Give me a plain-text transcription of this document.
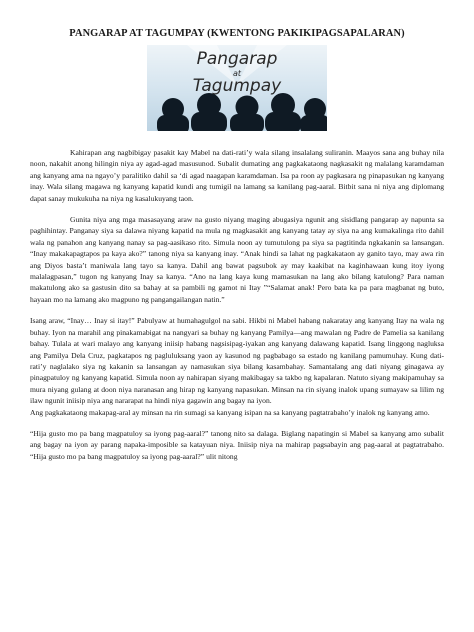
PANGARAP AT TAGUMPAY (KWENTONG PAKIKIPAGSAPALARAN)
Pangarap
at
Tagumpay

Kahirapan ang nagbibigay pasakit kay Mabel na dati-rati’y wala silang insalalang suliranin. Maayos sana ang buhay nila noon, nakahit anong hilingin niya ay agad-agad masusunod. Subalit dumating ang pagkakataong nagkasakit ng malalang karamdaman ang kanyang ama na ngayo’y paralitiko dahil sa ‘di agad naagapan karamdaman. Isa pa roon ay pagkasara ng pinapasukan ng kanyang inay. Wala silang magawa ng kanyang kapatid kundi ang tumigil na lamang sa kanilang pag-aaral. Bitbit sana ni niya ang diplomang dapat sanay mukukuha na niya ng kasalukuyang taon.

Gunita niya ang mga masasayang araw na gusto niyang maging abugasiya ngunit ang sisidlang pangarap ay napunta sa paghihintay. Panganay siya sa dalawa niyang kapatid na mula ng magkasakit ang kanyang tatay ay siya na ang kumakalinga rito dahil wala ng panahon ang kanyang nanay sa pag-aasikaso rito. Simula noon ay tumutulong pa siya sa pagtitinda ngkakanin sa lansangan. “Inay makakapagtapos pa kaya ako?” tanong niya sa kanyang inay. “Anak hindi sa lahat ng pagkakataon ay ganito tayo, may awa rin ang Diyos basta’t maniwala lang tayo sa kanya. Dahil ang bawat pagsubok ay may kaakibat na kaginhawaan kung itoy iyong malalagpasan,” tugon ng kanyang Inay sa kanya. “Ano na lang kaya kung mamasukan na lang ako bilang katulong? Para naman makatulong ako sa gastusin dito sa bahay at sa pambili ng gamot ni Itay ”“Salamat anak! Pero bata ka pa para magbanat ng buto, hayaan mo na lamang ako magpuno ng pangangailangan natin.”

Isang araw, “Inay… Inay si itay!” Pabulyaw at humahagulgol na sabi. Hikbi ni Mabel habang nakaratay ang kanyang Itay na wala ng buhay. Iyon na marahil ang pinakamabigat na nangyari sa buhay ng kanyang Pamilya—ang mawalan ng Padre de Pamelia sa kanilang bahay. Tulala at wari malayo ang kanyang iniisip habang nagsisipag-iyakan ang kanyang dalawang kapatid. Isang linggong nagluksa ang Pamilya Dela Cruz, pagkatapos ng pagluluksang yaon ay kasunod ng pagbabago sa estado ng kanilang pamumuhay. Kung dati-rati’y naglalako siya ng kakanin sa lansangan ay namasukan siya bilang kasambahay. Samantalang ang dati niyang ginagawa ay pinagpatuloy ng kanyang kapatid. Simula noon ay nahirapan siyang makibagay sa takbo ng kapalaran. Natuto siyang makipamuhay sa mura niyang gulang at doon niya naranasan ang hirap ng kanyang napasukan. Minsan na rin siyang inalok upang sumayaw sa lilim ng ilaw ngunit iniisip niya ang nararapat na hindi niya gagawin ang bagay na iyon.

Ang pagkakataong makapag-aral ay minsan na rin sumagi sa kanyang isipan na sa kanyang pagtatrabaho’y inalok ng kanyang amo.

“Hija gusto mo pa bang magpatuloy sa iyong pag-aaral?” tanong nito sa dalaga. Biglang napatingin si Mabel sa kanyang amo subalit ang bagay na iyon ay parang napaka-imposible sa katayuan niya. Iniisip niya na mahirap pagsabayin ang pag-aaral at pagtatrabaho. “Hija gusto mo pa bang magpatuloy sa iyong pag-aaral?” ulit nitong
